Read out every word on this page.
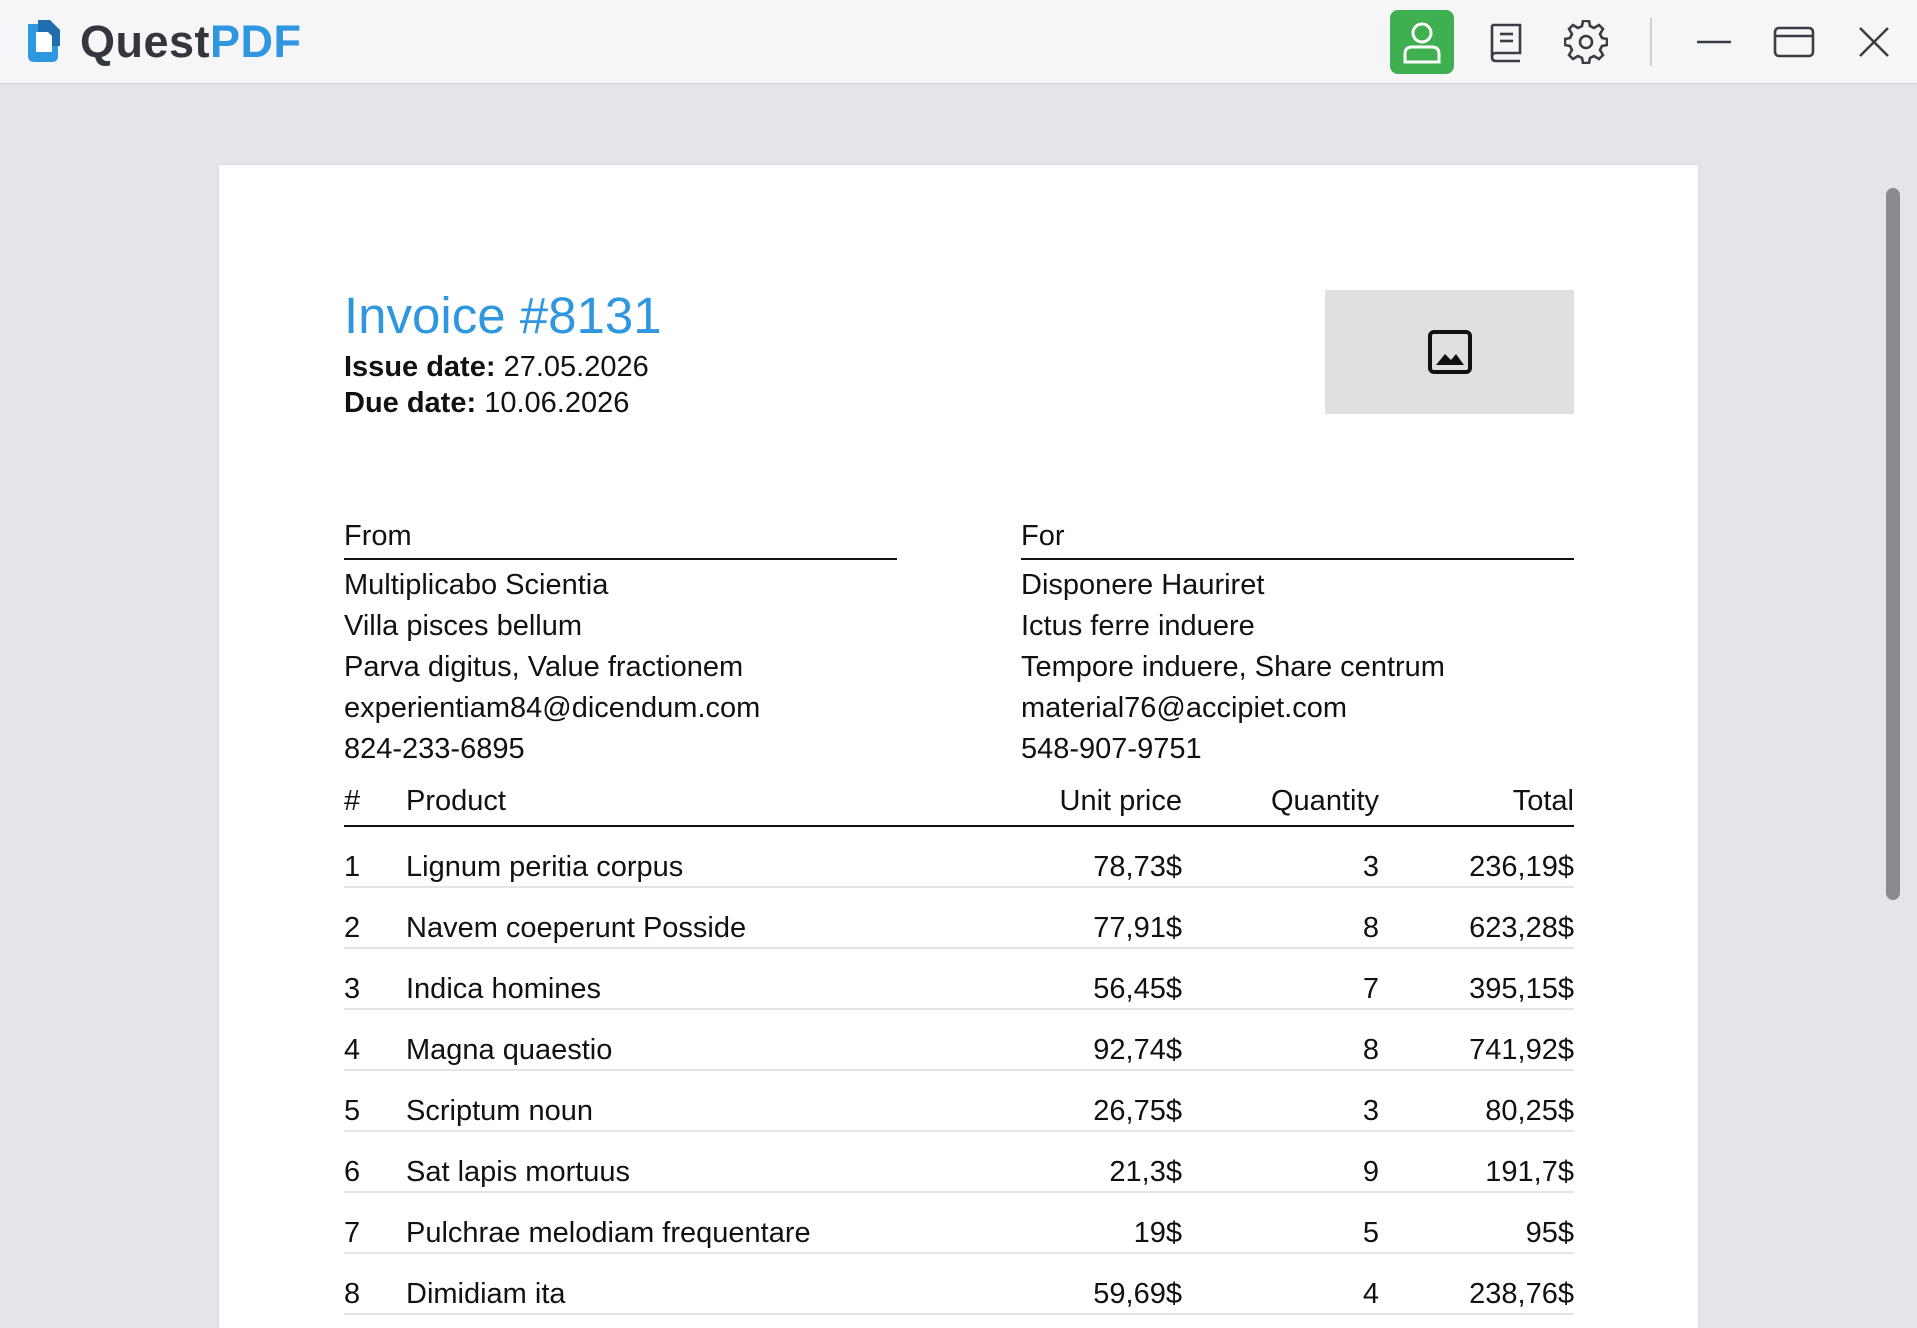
QuestPDF
Invoice #8131
Issue date: 27.05.2026
Due date: 10.06.2026
From
Multiplicabo Scientia
Villa pisces bellum
Parva digitus, Value fractionem
experientiam84@dicendum.com
824-233-6895
For
Disponere Hauriret
Ictus ferre induere
Tempore induere, Share centrum
material76@accipiet.com
548-907-9751
# Product	Unit price	Quantity	Total
1 Lignum peritia corpus	78,73$	3	236,19$
2 Navem coeperunt Posside	77,91$	8	623,28$
3 Indica homines	56,45$	7	395,15$
4 Magna quaestio	92,74$	8	741,92$
5 Scriptum noun	26,75$	3	80,25$
6 Sat lapis mortuus	21,3$	9	191,7$
7 Pulchrae melodiam frequentare	19$	5	95$
8 Dimidiam ita	59,69$	4	238,76$
